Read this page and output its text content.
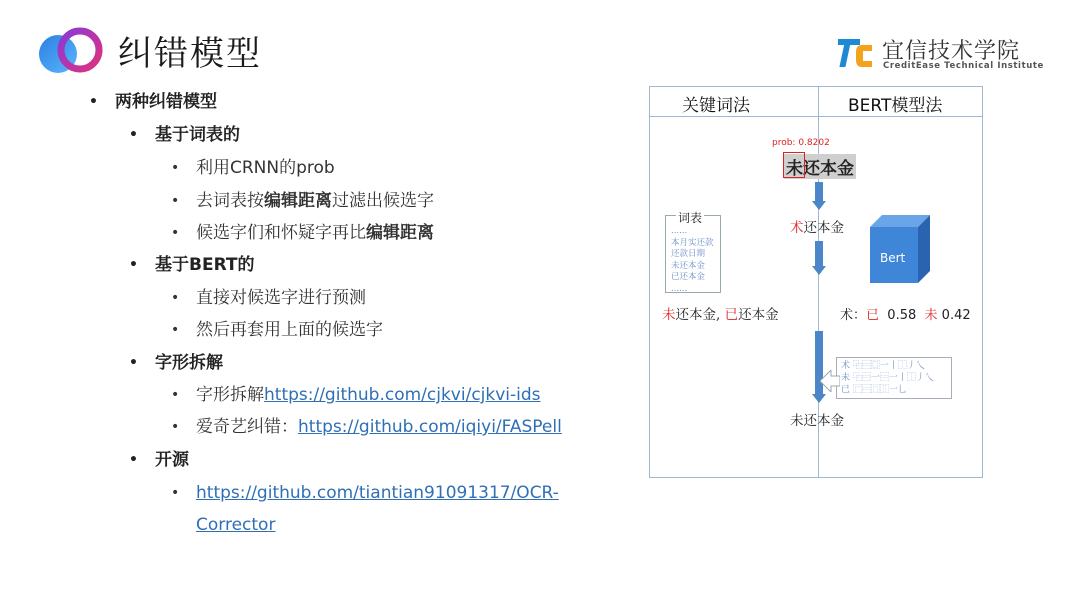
纠错模型	宜信技术学院
CreditEase Technical Institute
• 两种纠错模型
• 基于词表的
• 利用CRNN的prob
• 去词表按编辑距离过滤出候选字
• 候选字们和怀疑字再比编辑距离
• 基于BERT的
• 直接对候选字进行预测
• 然后再套用上面的候选字
• 字形拆解
• 字形拆解https://github.com/cjkvi/cjkvi-ids
• 爱奇艺纠错：https://github.com/iqiyi/FASPell
• 开源
• https://github.com/tiantian91091317/OCR-
Corrector
关键词法	BERT模型法
prob: 0.8202
未还本金
术还本金
词表
......
本月实还款
还款日期
未还本金
已还本金
......
Bert
未还本金, 已还本金	术：已 0.58 未 0.42
术 ⿻⿳⿴一丨⿰丿乀
未 ⿻⿳一⿳一丨⿰丿乀
已 ⿸⿳⿵⿲一乚
未还本金
